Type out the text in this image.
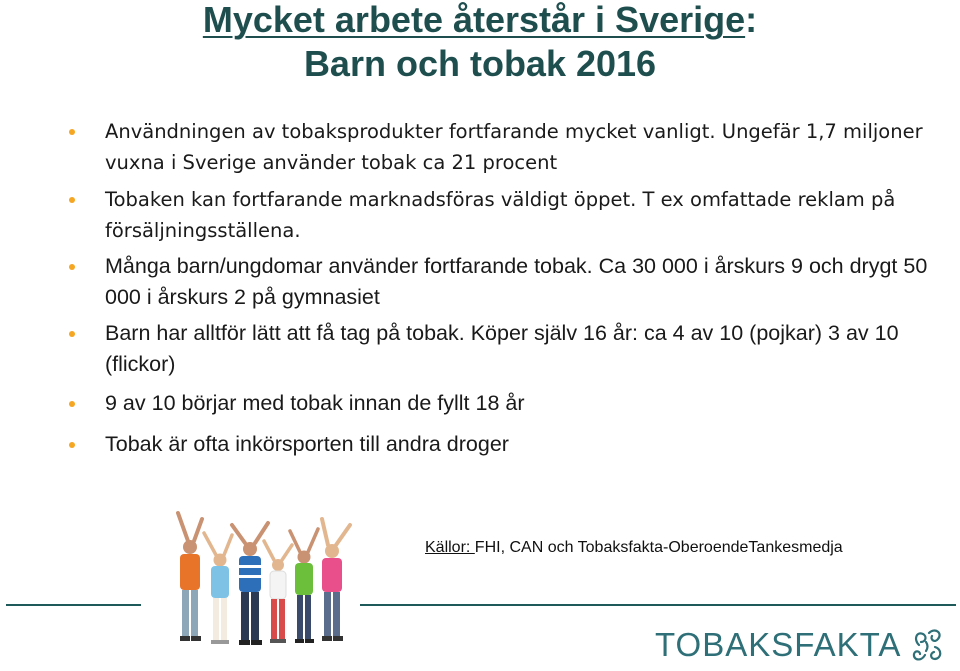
Mycket arbete återstår i Sverige:
Barn och tobak 2016
Användningen av tobaksprodukter fortfarande mycket vanligt. Ungefär 1,7 miljoner vuxna i Sverige använder tobak ca 21 procent
Tobaken kan fortfarande marknadsföras väldigt öppet. T ex omfattade reklam på försäljningsställena.
Många barn/ungdomar använder fortfarande tobak. Ca 30 000 i årskurs 9 och drygt 50 000 i årskurs 2 på gymnasiet
Barn har alltför lätt att få tag på tobak. Köper själv 16 år: ca 4 av 10 (pojkar) 3 av 10 (flickor)
9 av 10 börjar med tobak innan de fyllt 18 år
Tobak är ofta inkörsporten till andra droger
Källor: FHI, CAN och Tobaksfakta-OberoendeTankesmedja
TOBAKSFAKTA
